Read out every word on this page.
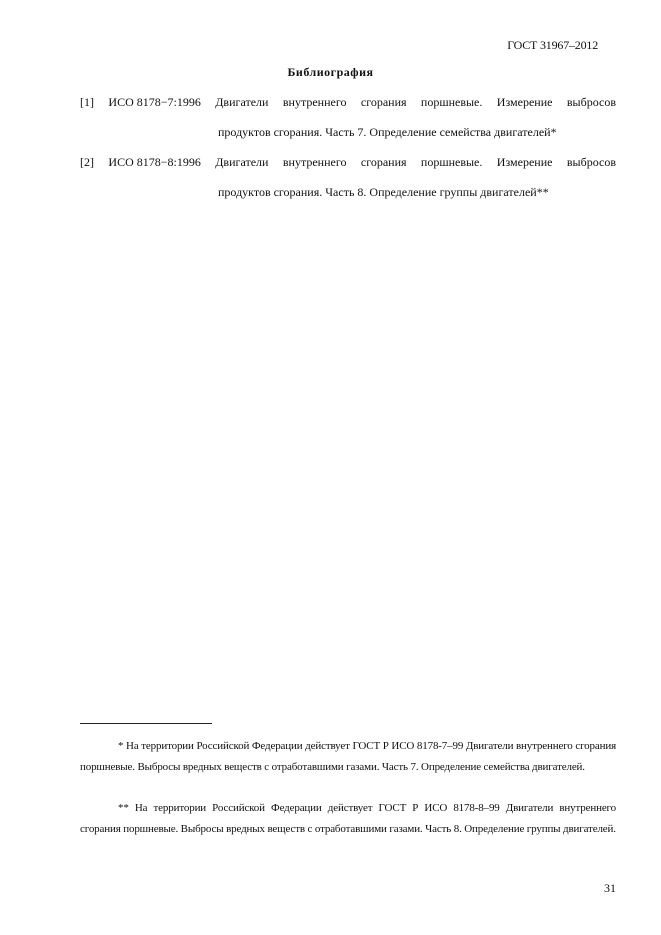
ГОСТ 31967–2012
Библиография
[1] ИСО 8178−7:1996 Двигатели внутреннего сгорания поршневые. Измерение выбросов
продуктов сгорания. Часть 7. Определение семейства двигателей*
[2] ИСО 8178−8:1996 Двигатели внутреннего сгорания поршневые. Измерение выбросов
продуктов сгорания. Часть 8. Определение группы двигателей**
* На территории Российской Федерации действует ГОСТ Р ИСО 8178-7–99 Двигатели внутреннего сгорания поршневые. Выбросы вредных веществ с отработавшими газами. Часть 7. Определение семейства двигателей.
** На территории Российской Федерации действует ГОСТ Р ИСО 8178-8–99 Двигатели внутреннего сгорания поршневые. Выбросы вредных веществ с отработавшими газами. Часть 8. Определение группы двигателей.
31
